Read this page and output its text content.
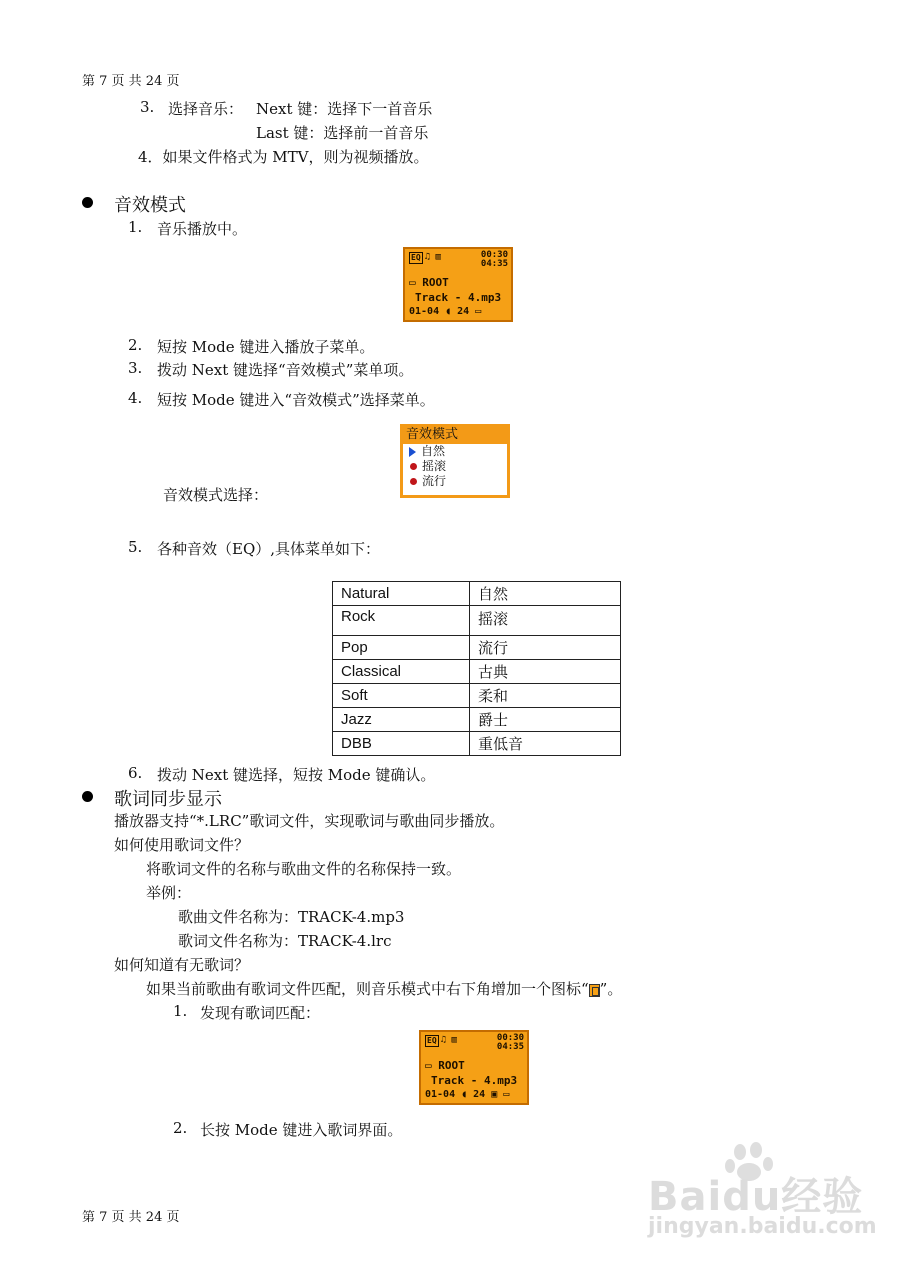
第 7 页 共 24 页
3. 选择音乐： Next 键：选择下一首音乐
Last 键：选择前一首音乐
4．如果文件格式为 MTV，则为视频播放。
音效模式
1. 音乐播放中。
EQ ♫ ▥	00:30
04:35
▭ ROOT
Track - 4.mp3
01-04 ◖ 24 ▭
2. 短按 Mode 键进入播放子菜单。
3. 拨动 Next 键选择“音效模式”菜单项。
4. 短按 Mode 键进入“音效模式”选择菜单。
音效模式
自然
摇滚
流行
音效模式选择：
5. 各种音效（EQ）,具体菜单如下：
Natural	自然
Rock	摇滚
Pop	流行
Classical	古典
Soft	柔和
Jazz	爵士
DBB	重低音
6. 拨动 Next 键选择，短按 Mode 键确认。
歌词同步显示
播放器支持“*.LRC”歌词文件，实现歌词与歌曲同步播放。
如何使用歌词文件？
将歌词文件的名称与歌曲文件的名称保持一致。
举例：
歌曲文件名称为：TRACK-4.mp3
歌词文件名称为：TRACK-4.lrc
如何知道有无歌词？
如果当前歌曲有歌词文件匹配，则音乐模式中右下角增加一个图标“ ”。
1. 发现有歌词匹配：
EQ ♫ ▥	00:30
04:35
▭ ROOT
Track - 4.mp3
01-04 ◖ 24 ▣ ▭
2. 长按 Mode 键进入歌词界面。
第 7 页 共 24 页	Baidu经验
jingyan.baidu.com
